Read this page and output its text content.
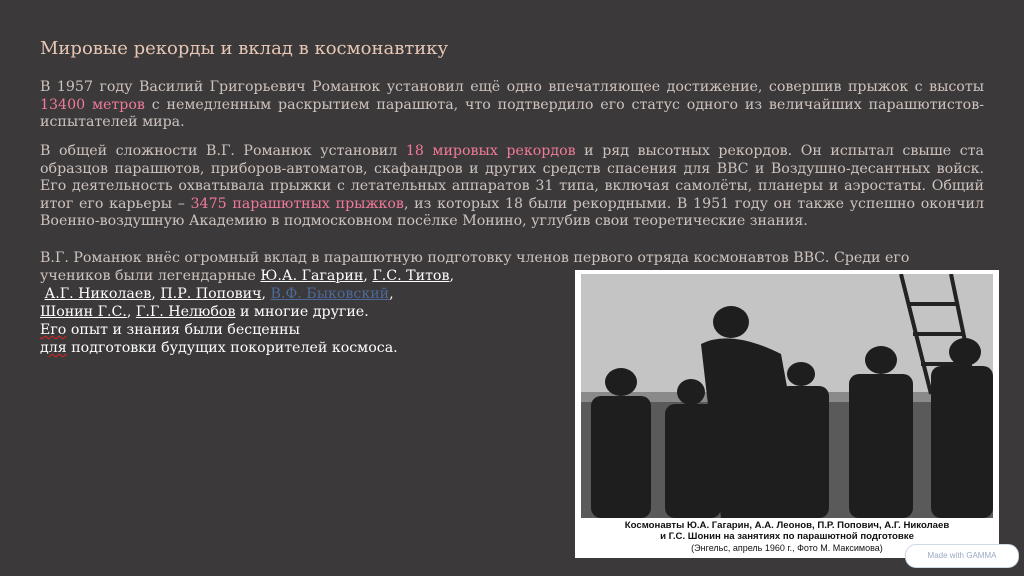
Мировые рекорды и вклад в космонавтику

В 1957 году Василий Григорьевич Романюк установил ещё одно впечатляющее достижение, совершив прыжок с высоты 13400 метров с немедленным раскрытием парашюта, что подтвердило его статус одного из величайших парашютистов-испытателей мира.

В общей сложности В.Г. Романюк установил 18 мировых рекордов и ряд высотных рекордов. Он испытал свыше ста образцов парашютов, приборов-автоматов, скафандров и других средств спасения для ВВС и Воздушно-десантных войск. Его деятельность охватывала прыжки с летательных аппаратов 31 типа, включая самолёты, планеры и аэростаты. Общий итог его карьеры – 3475 парашютных прыжков, из которых 18 были рекордными. В 1951 году он также успешно окончил Военно-воздушную Академию в подмосковном посёлке Монино, углубив свои теоретические знания.

В.Г. Романюк внёс огромный вклад в парашютную подготовку членов первого отряда космонавтов ВВС. Среди его

учеников были легендарные Ю.А. Гагарин, Г.С. Титов,
А.Г. Николаев, П.Р. Попович, В.Ф. Быковский,
Шонин Г.С., Г.Г. Нелюбов и многие другие.
Его опыт и знания были бесценны
для подготовки будущих покорителей космоса.
Космонавты Ю.А. Гагарин, А.А. Леонов, П.Р. Попович, А.Г. Николаев
и Г.С. Шонин на занятиях по парашютной подготовке
(Энгельс, апрель 1960 г., Фото М. Максимова)
Made with GAMMA
